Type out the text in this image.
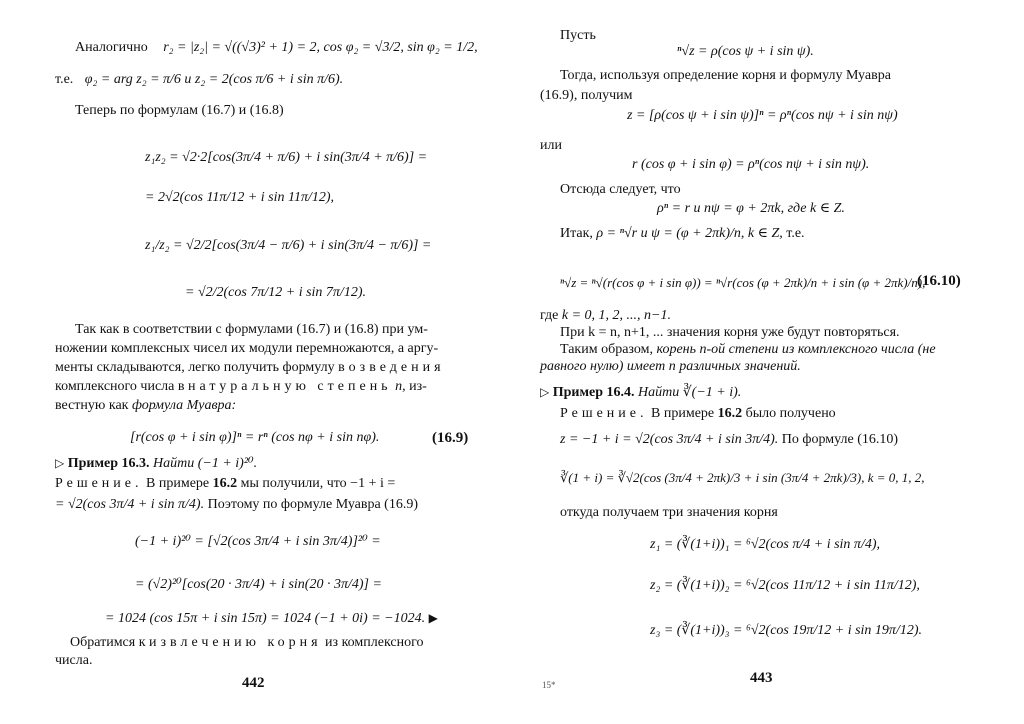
Аналогично r₂ = |z₂| = √((√3)² + 1) = 2, cos φ₂ = √3/2, sin φ₂ = 1/2,
т.е. φ₂ = arg z₂ = π/6 и z₂ = 2(cos π/6 + i sin π/6).
Теперь по формулам (16.7) и (16.8)
z₁z₂ = √2·2[cos(3π/4 + π/6) + i sin(3π/4 + π/6)] =
= 2√2(cos 11π/12 + i sin 11π/12),
z₁/z₂ = √2/2[cos(3π/4 − π/6) + i sin(3π/4 − π/6)] =
= √2/2(cos 7π/12 + i sin 7π/12).
Так как в соответствии с формулами (16.7) и (16.8) при ум-
ножении комплексных чисел их модули перемножаются, а аргу-
менты складываются, легко получить формулу возведения
комплексного числа в натуральную степень n, из-
вестную как формула Муавра:
[r(cos φ + i sin φ)]ⁿ = rⁿ (cos nφ + i sin nφ).	(16.9)
▷ Пример 16.3. Найти (−1 + i)²⁰.
Решение. В примере 16.2 мы получили, что −1 + i =
= √2(cos 3π/4 + i sin π/4). Поэтому по формуле Муавра (16.9)
(−1 + i)²⁰ = [√2(cos 3π/4 + i sin 3π/4)]²⁰ =
= (√2)²⁰[cos(20 · 3π/4) + i sin(20 · 3π/4)] =
= 1024 (cos 15π + i sin 15π) = 1024 (−1 + 0i) = −1024. ▶
Обратимся к извлечению корня из комплексного
числа.
442
Пусть
ⁿ√z = ρ(cos ψ + i sin ψ).
Тогда, используя определение корня и формулу Муавра
(16.9), получим
z = [ρ(cos ψ + i sin ψ)]ⁿ = ρⁿ(cos nψ + i sin nψ)
или
r (cos φ + i sin φ) = ρⁿ(cos nψ + i sin nψ).
Отсюда следует, что
ρⁿ = r и nψ = φ + 2πk, где k ∈ Z.
Итак, ρ = ⁿ√r и ψ = (φ + 2πk)/n, k ∈ Z, т.е.
ⁿ√z = ⁿ√(r(cos φ + i sin φ)) = ⁿ√r(cos (φ + 2πk)/n + i sin (φ + 2πk)/n),
(16.10)
где k = 0, 1, 2, ..., n−1.
При k = n, n+1, ... значения корня уже будут повторяться.
Таким образом, корень n-ой степени из комплексного числа (не
равного нулю) имеет n различных значений.
▷ Пример 16.4. Найти ∛(−1 + i).
Решение. В примере 16.2 было получено
z = −1 + i = √2(cos 3π/4 + i sin 3π/4). По формуле (16.10)
∛(1 + i) = ∛√2(cos (3π/4 + 2πk)/3 + i sin (3π/4 + 2πk)/3), k = 0, 1, 2,
откуда получаем три значения корня
z₁ = (∛(1+i))₁ = ⁶√2(cos π/4 + i sin π/4),
z₂ = (∛(1+i))₂ = ⁶√2(cos 11π/12 + i sin 11π/12),
z₃ = (∛(1+i))₃ = ⁶√2(cos 19π/12 + i sin 19π/12).
15*	443
